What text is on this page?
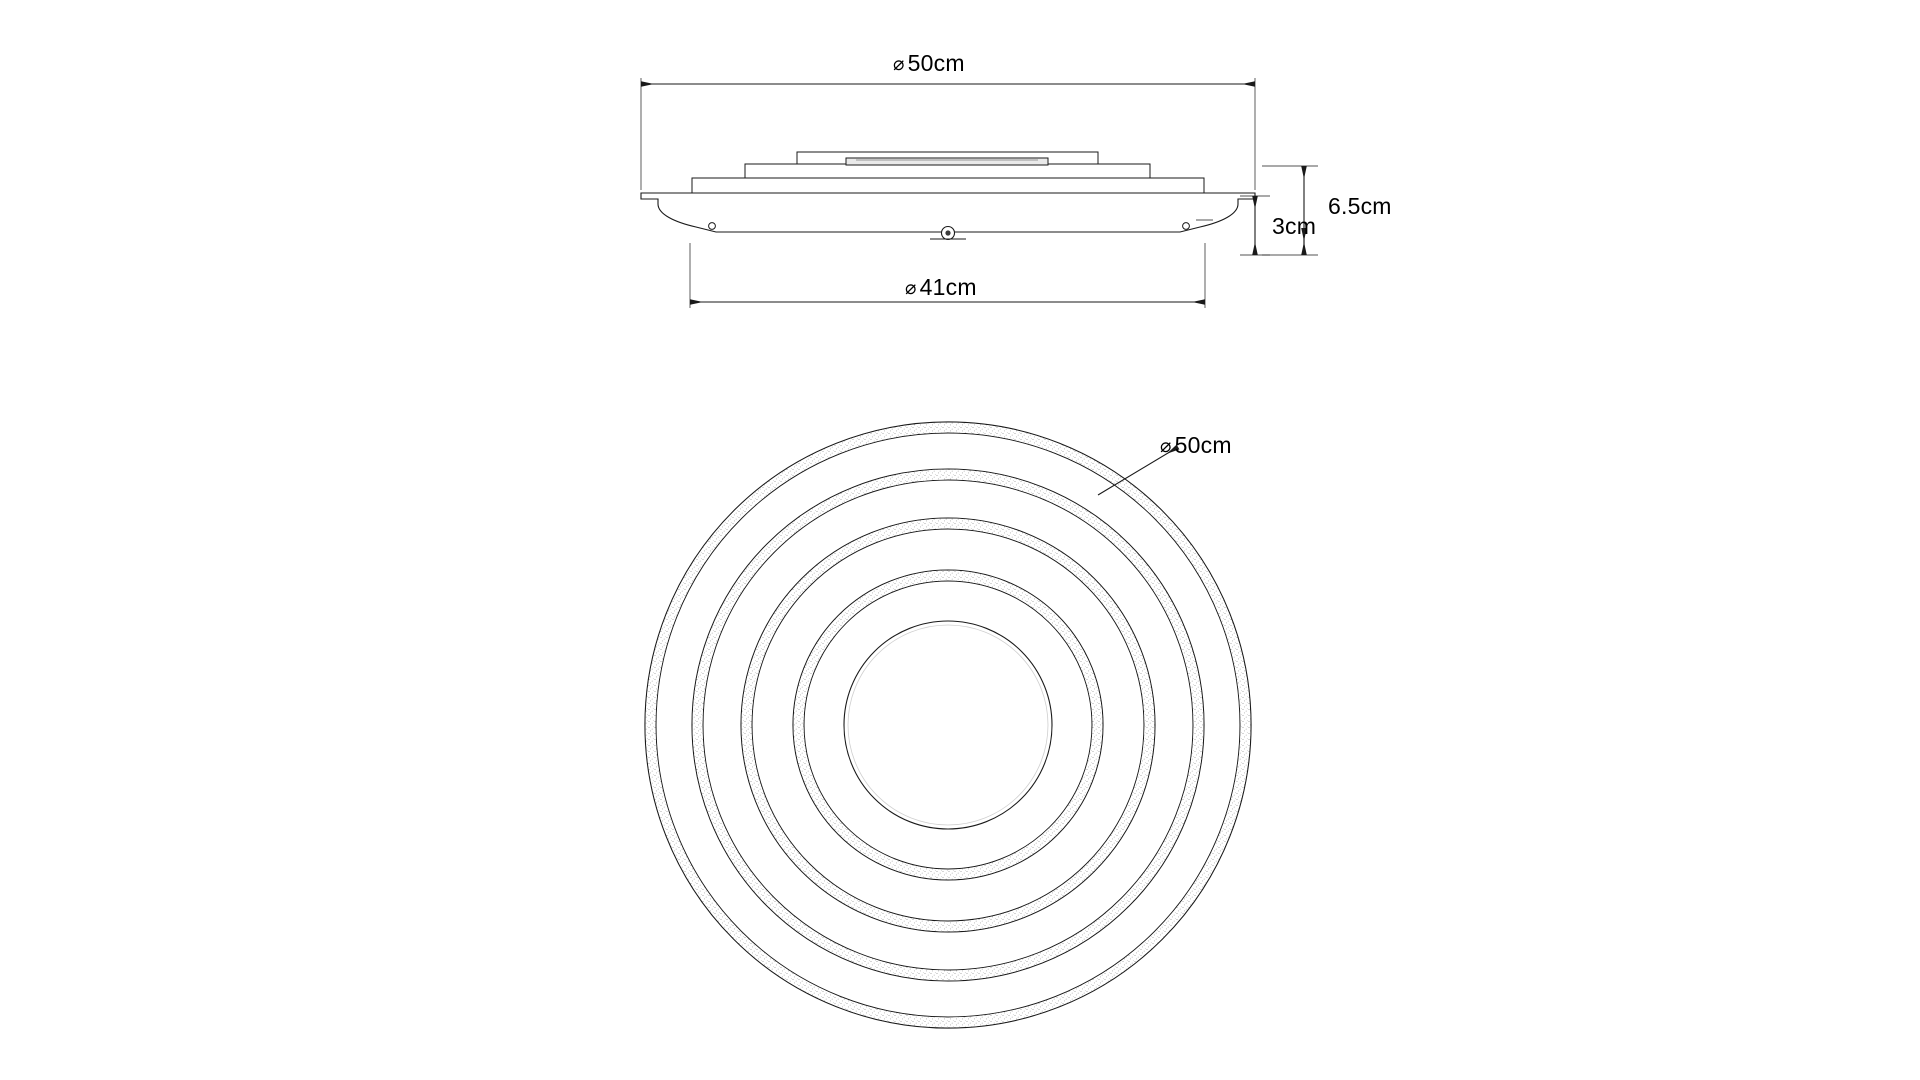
⌀ 50cm
⌀ 41cm
6.5cm
3cm
⌀ 50cm
